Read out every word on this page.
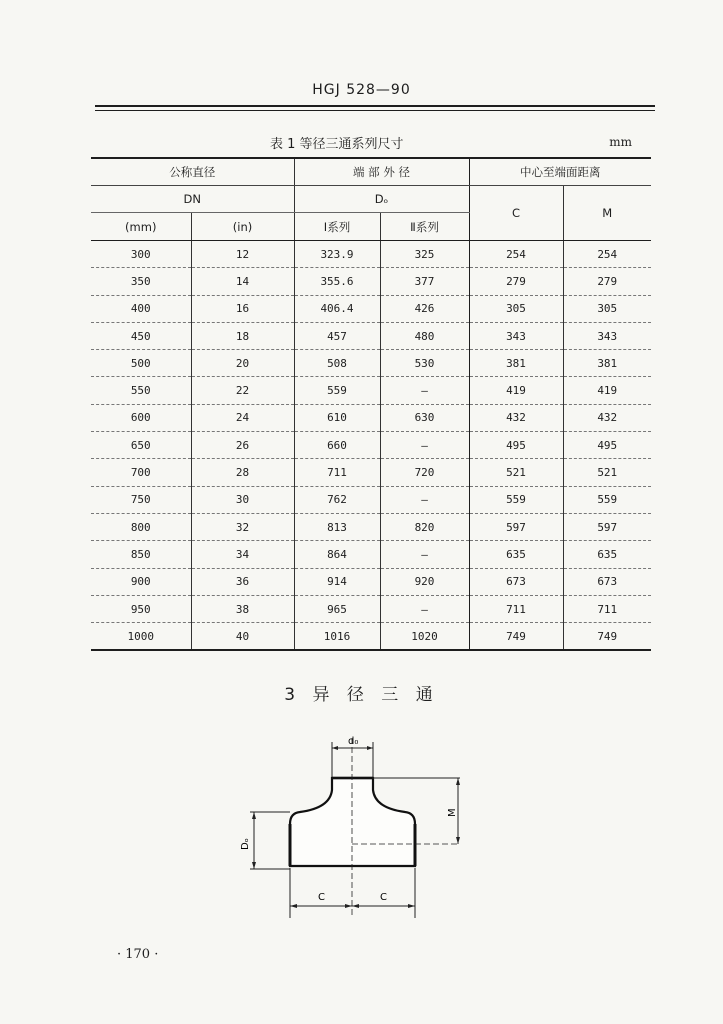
HGJ 528—90
表 1 等径三通系列尺寸	mm
公称直径		端 部 外 径		中心至端面距离	
DN		Dₒ		C	M
(mm)	(in)	Ⅰ系列	Ⅱ系列		
300	12	323.9	325	254	254
350	14	355.6	377	279	279
400	16	406.4	426	305	305
450	18	457	480	343	343
500	20	508	530	381	381
550	22	559	—	419	419
600	24	610	630	432	432
650	26	660	—	495	495
700	28	711	720	521	521
750	30	762	—	559	559
800	32	813	820	597	597
850	34	864	—	635	635
900	36	914	920	673	673
950	38	965	—	711	711
1000	40	1016	1020	749	749
3 异 径 三 通
d₀
M
Dₒ
C	C
· 170 ·
